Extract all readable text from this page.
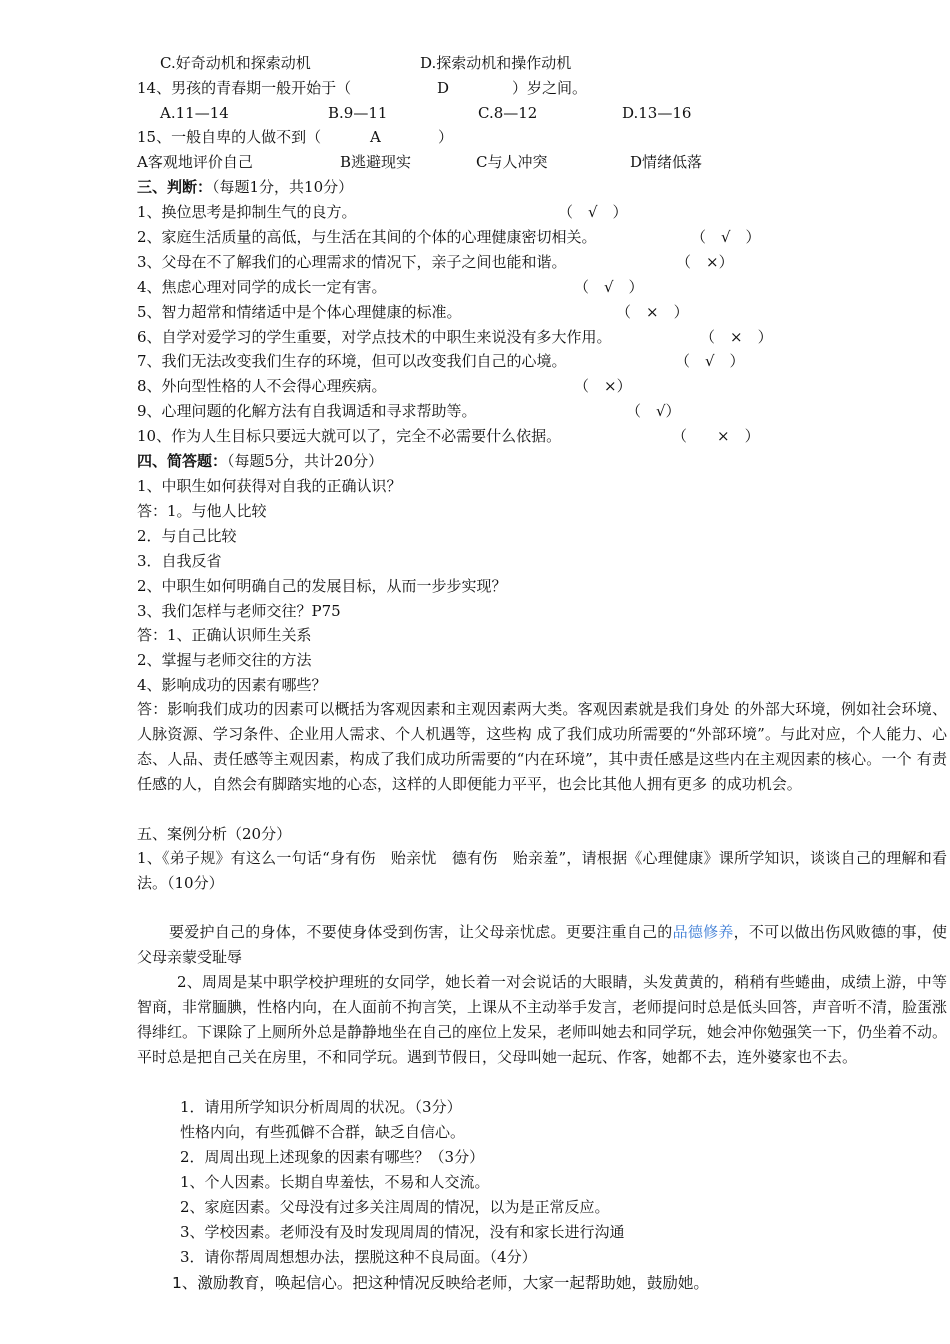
C.好奇动机和探索动机	D.探索动机和操作动机
14、男孩的青春期一般开始于（	D	）岁之间。
A.11—14	B.9—11	C.8—12	D.13—16
15、一般自卑的人做不到（	A	）
A客观地评价自己	B逃避现实	C与人冲突	D情绪低落
三、判断：（每题1分，共10分）
1、换位思考是抑制生气的良方。	（　√　）
2、家庭生活质量的高低，与生活在其间的个体的心理健康密切相关。	（　√　）
3、父母在不了解我们的心理需求的情况下，亲子之间也能和谐。	（　×）
4、焦虑心理对同学的成长一定有害。	（　√　）
5、智力超常和情绪适中是个体心理健康的标准。	（　×　）
6、自学对爱学习的学生重要，对学点技术的中职生来说没有多大作用。	（　×　）
7、我们无法改变我们生存的环境，但可以改变我们自己的心境。	（　√　）
8、外向型性格的人不会得心理疾病。	（　×）
9、心理问题的化解方法有自我调适和寻求帮助等。	（　√）
10、作为人生目标只要远大就可以了，完全不必需要什么依据。	（　　×　）
四、简答题：（每题5分，共计20分）
1、中职生如何获得对自我的正确认识？
答：1。与他人比较
2．与自己比较
3．自我反省
2、中职生如何明确自己的发展目标，从而一步步实现？
3、我们怎样与老师交往？P75
答：1、正确认识师生关系
2、掌握与老师交往的方法
4、影响成功的因素有哪些？
答：影响我们成功的因素可以概括为客观因素和主观因素两大类。客观因素就是我们身处 的外部大环境，例如社会环境、人脉资源、学习条件、企业用人需求、个人机遇等，这些构 成了我们成功所需要的“外部环境”。与此对应，个人能力、心态、人品、责任感等主观因素，构成了我们成功所需要的“内在环境”，其中责任感是这些内在主观因素的核心。一个 有责任感的人，自然会有脚踏实地的心态，这样的人即便能力平平，也会比其他人拥有更多 的成功机会。
五、案例分析（20分）
1、《弟子规》有这么一句话“身有伤　贻亲忧　德有伤　贻亲羞”，请根据《心理健康》课所学知识，谈谈自己的理解和看法。（10分）
要爱护自己的身体，不要使身体受到伤害，让父母亲忧虑。更要注重自己的品德修养，不可以做出伤风败德的事，使父母亲蒙受耻辱
2、周周是某中职学校护理班的女同学，她长着一对会说话的大眼睛，头发黄黄的，稍稍有些蜷曲，成绩上游，中等智商，非常腼腆，性格内向，在人面前不拘言笑，上课从不主动举手发言，老师提问时总是低头回答，声音听不清，脸蛋涨得绯红。下课除了上厕所外总是静静地坐在自己的座位上发呆，老师叫她去和同学玩，她会冲你勉强笑一下，仍坐着不动。平时总是把自己关在房里，不和同学玩。遇到节假日，父母叫她一起玩、作客，她都不去，连外婆家也不去。
1．请用所学知识分析周周的状况。（3分）
性格内向，有些孤僻不合群，缺乏自信心。
2．周周出现上述现象的因素有哪些？（3分）
1、个人因素。长期自卑羞怯，不易和人交流。
2、家庭因素。父母没有过多关注周周的情况，以为是正常反应。
3、学校因素。老师没有及时发现周周的情况，没有和家长进行沟通
3．请你帮周周想想办法，摆脱这种不良局面。（4分）
1、激励教育，唤起信心。把这种情况反映给老师，大家一起帮助她，鼓励她。
